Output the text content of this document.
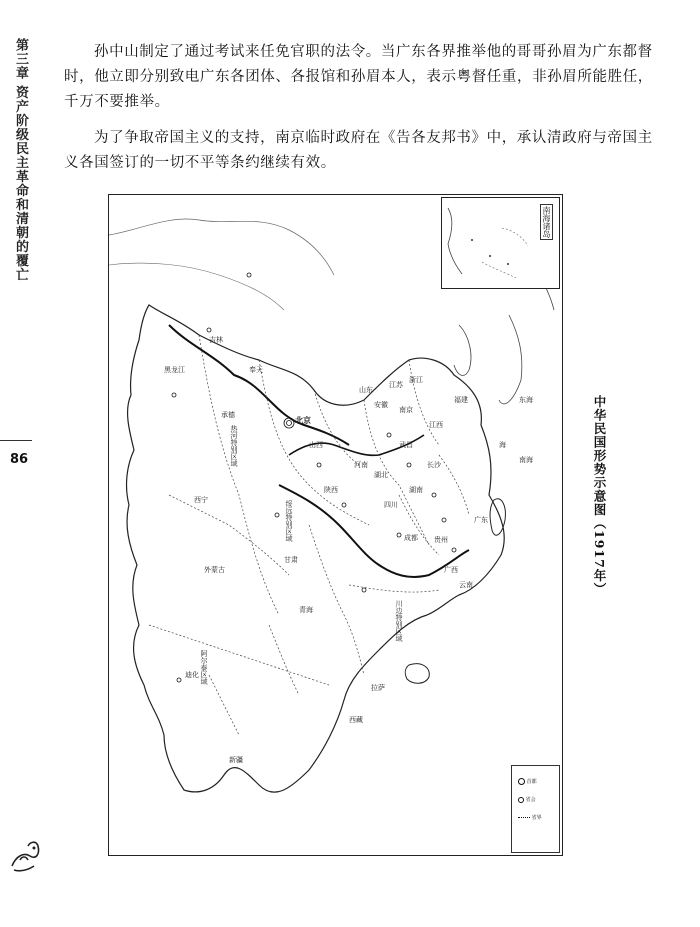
第三章 资产阶级民主革命和清朝的覆亡
86

孙中山制定了通过考试来任免官职的法令。当广东各界推举他的哥哥孙眉为广东都督时，他立即分别致电广东各团体、各报馆和孙眉本人，表示粤督任重，非孙眉所能胜任，千万不要推举。

为了争取帝国主义的支持，南京临时政府在《告各友邦书》中，承认清政府与帝国主义各国签订的一切不平等条约继续有效。

北京
承德
西宁
成都
拉萨
迪化
甘肃
青海
四川
西藏
外蒙古
新疆
河南
湖北
湖南
江西
福建
山东
山西
陕西
浙江
江苏
安徽
广东
广西
云南
贵州
黑龙江
吉林
奉天
川边特别区域
绥远特别区域
热河特别区域
阿尔泰区域
南京
武昌
长沙
海
东海
南海
南海诸岛
首都
省会
省界
中华民国形势示意图（1917年）
